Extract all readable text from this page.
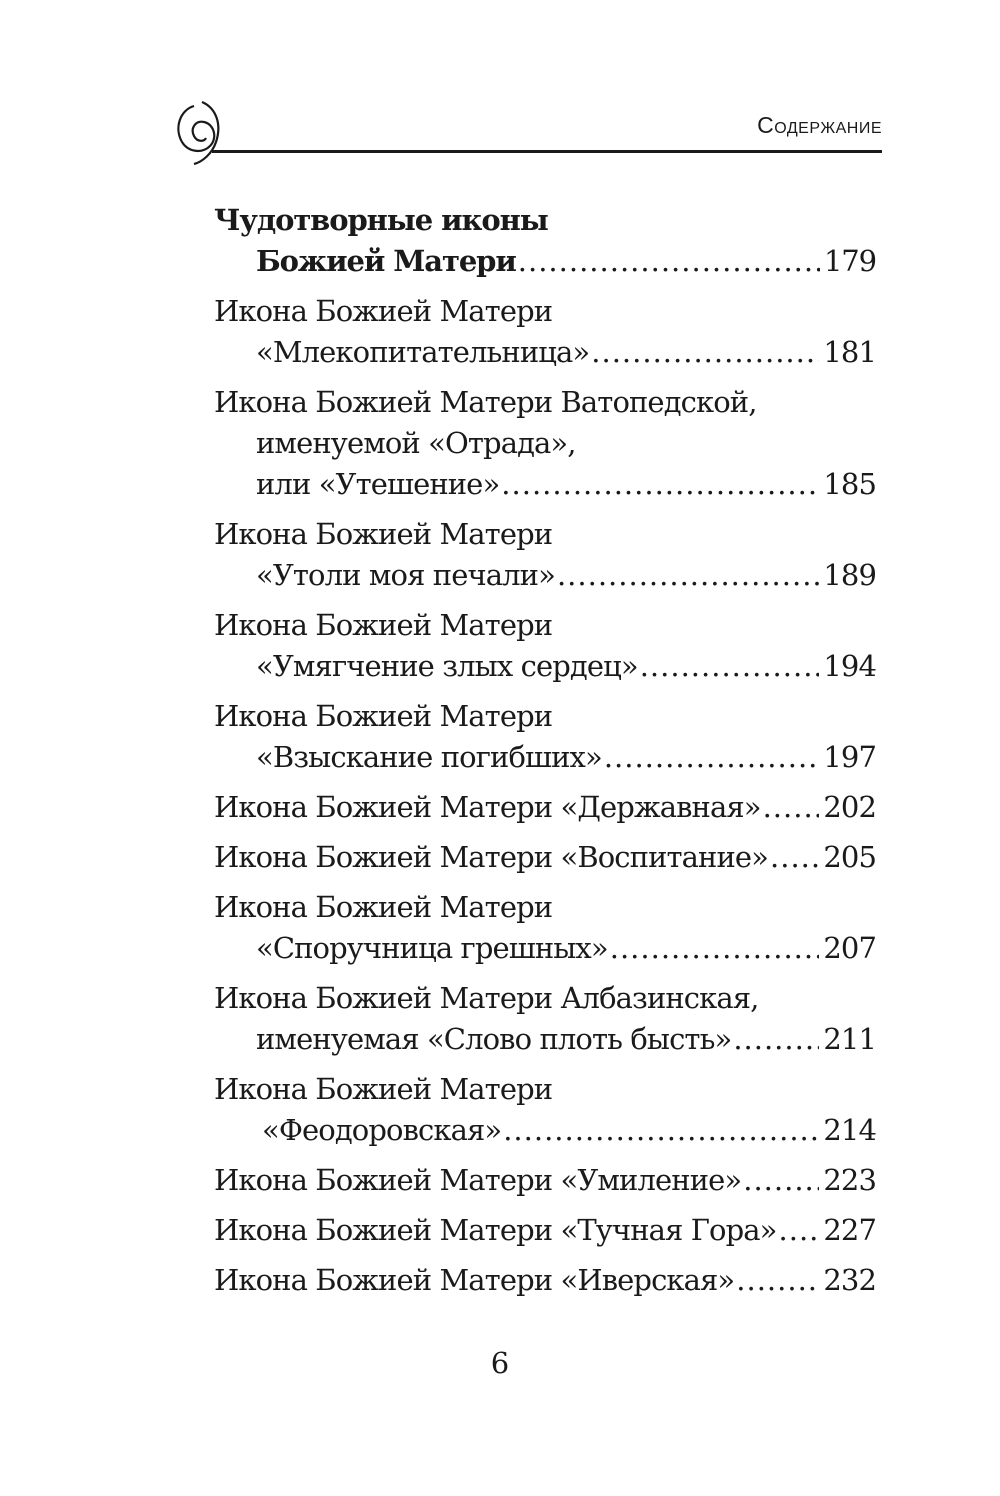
Содержание
Чудотворные иконы
Божией Матери .....	179
Икона Божией Матери
«Млекопитательница» .....	181
Икона Божией Матери Ватопедской,
именуемой «Отрада»,
или «Утешение» .....	185
Икона Божией Матери
«Утоли моя печали» .....	189
Икона Божией Матери
«Умягчение злых сердец» .....	194
Икона Божией Матери
«Взыскание погибших» .....	197
Икона Божией Матери «Державная» ..... 202
Икона Божией Матери «Воспитание» ..... 205
Икона Божией Матери
«Споручница грешных» .....	207
Икона Божией Матери Албазинская,
именуемая «Слово плоть бысть» .....	211
Икона Божией Матери
«Феодоровская» .....	214
Икона Божией Матери «Умиление» .....	223
Икона Божией Матери «Тучная Гора» ..... 227
Икона Божией Матери «Иверская» .....	232
6
